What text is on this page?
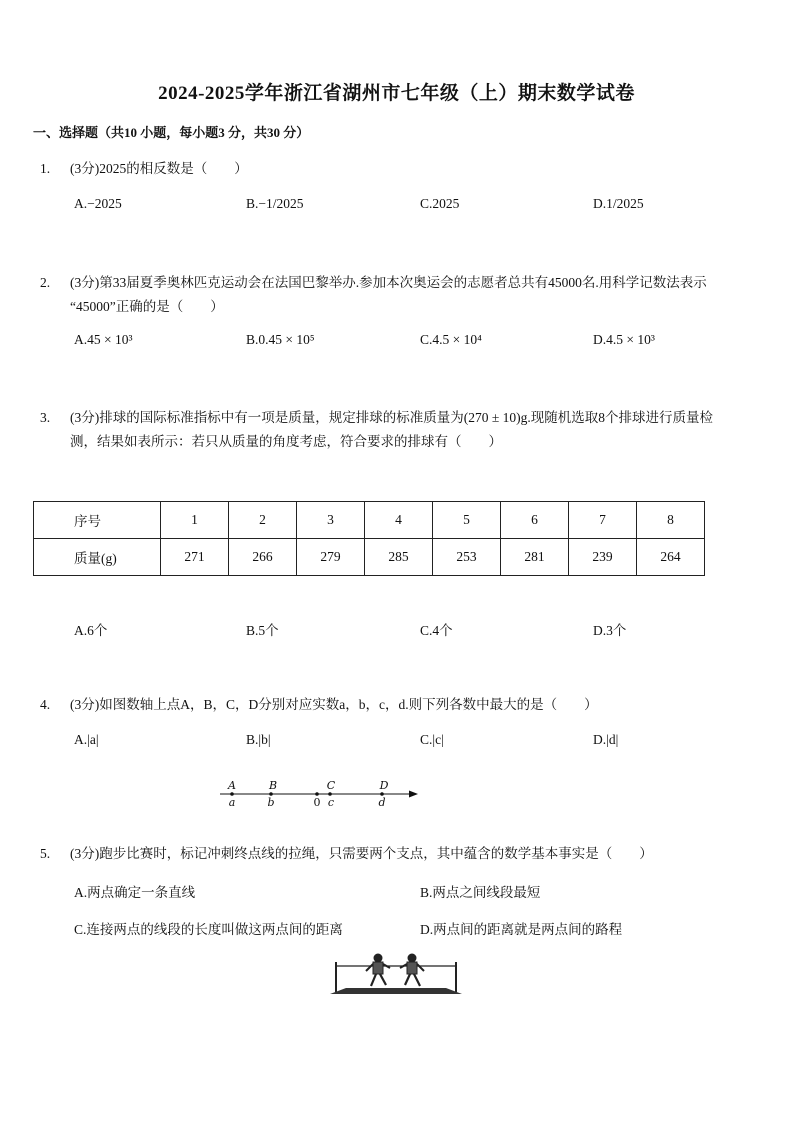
2024-2025学年浙江省湖州市七年级（上）期末数学试卷
一、选择题（共10 小题，每小题3 分，共30 分）
1. (3分)2025的相反数是（　　）
A.−2025	B.−1/2025	C.2025	D.1/2025
2. (3分)第33届夏季奥林匹克运动会在法国巴黎举办.参加本次奥运会的志愿者总共有45000名.用科学记数法表示
“45000”正确的是（　　）
A.45 × 10³	B.0.45 × 10⁵	C.4.5 × 10⁴	D.4.5 × 10³
3. (3分)排球的国际标准指标中有一项是质量，规定排球的标准质量为(270 ± 10)g.现随机选取8个排球进行质量检
测，结果如表所示：若只从质量的角度考虑，符合要求的排球有（　　）
序号	1	2	3	4	5	6	7	8
质量(g)	271	266	279	285	253	281	239	264
A.6个	B.5个	C.4个	D.3个
4. (3分)如图数轴上点A，B，C，D分别对应实数a，b，c，d.则下列各数中最大的是（　　）
A.|a|	B.|b|	C.|c|	D.|d|
A	B	C	D
a	b	0 c	d
5. (3分)跑步比赛时，标记冲刺终点线的拉绳，只需要两个支点，其中蕴含的数学基本事实是（　　）
A.两点确定一条直线	B.两点之间线段最短
C.连接两点的线段的长度叫做这两点间的距离	D.两点间的距离就是两点间的路程
